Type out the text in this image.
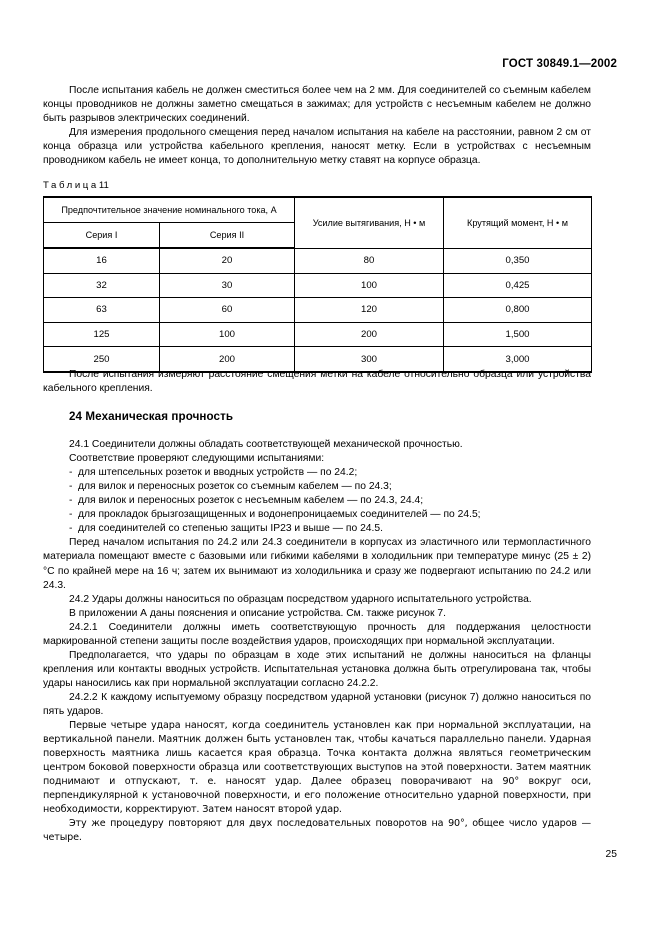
ГОСТ 30849.1—2002

После испытания кабель не должен сместиться более чем на 2 мм. Для соединителей со съемным кабелем концы проводников не должны заметно смещаться в зажимах; для устройств с несъемным кабелем не должно быть разрывов электрических соединений.

Для измерения продольного смещения перед началом испытания на кабеле на расстоянии, равном 2 см от конца образца или устройства кабельного крепления, наносят метку. Если в устройствах с несъемным проводником кабель не имеет конца, то дополнительную метку ставят на корпусе образца.

Таблица11
Предпочтительное значение номинального тока, А		Усилие вытягивания, Н • м	Крутящий момент, Н • м
Серия I	Серия II		
16	20	80	0,350
32	30	100	0,425
63	60	120	0,800
125	100	200	1,500
250	200	300	3,000

После испытания измеряют расстояние смещения метки на кабеле относительно образца или устройства кабельного крепления.

24 Механическая прочность

24.1 Соединители должны обладать соответствующей механической прочностью.

Соответствие проверяют следующими испытаниями:

- для штепсельных розеток и вводных устройств — по 24.2;

- для вилок и переносных розеток со съемным кабелем — по 24.3;

- для вилок и переносных розеток с несъемным кабелем — по 24.3, 24.4;

- для прокладок брызгозащищенных и водонепроницаемых соединителей — по 24.5;

- для соединителей со степенью защиты IP23 и выше — по 24.5.

Перед началом испытания по 24.2 или 24.3 соединители в корпусах из эластичного или термопластичного материала помещают вместе с базовыми или гибкими кабелями в холодильник при температуре минус (25 ± 2) °С по крайней мере на 16 ч; затем их вынимают из холодильника и сразу же подвергают испытанию по 24.2 или 24.3.

24.2 Удары должны наноситься по образцам посредством ударного испытательного устройства.

В приложении А даны пояснения и описание устройства. См. также рисунок 7.

24.2.1 Соединители должны иметь соответствующую прочность для поддержания целостности маркированной степени защиты после воздействия ударов, происходящих при нормальной эксплуатации.

Предполагается, что удары по образцам в ходе этих испытаний не должны наноситься на фланцы крепления или контакты вводных устройств. Испытательная установка должна быть отрегулирована так, чтобы удары наносились как при нормальной эксплуатации согласно 24.2.2.

24.2.2 К каждому испытуемому образцу посредством ударной установки (рисунок 7) должно наноситься по пять ударов.

Первые четыре удара наносят, когда соединитель установлен как при нормальной эксплуатации, на вертикальной панели. Маятник должен быть установлен так, чтобы качаться параллельно панели. Ударная поверхность маятника лишь касается края образца. Точка контакта должна являться геометрическим центром боковой поверхности образца или соответствующих выступов на этой поверхности. Затем маятник поднимают и отпускают, т. е. наносят удар. Далее образец поворачивают на 90° вокруг оси, перпендикулярной к установочной поверхности, и его положение относительно ударной поверхности, при необходимости, корректируют. Затем наносят второй удар.

Эту же процедуру повторяют для двух последовательных поворотов на 90°, общее число ударов — четыре.

25
